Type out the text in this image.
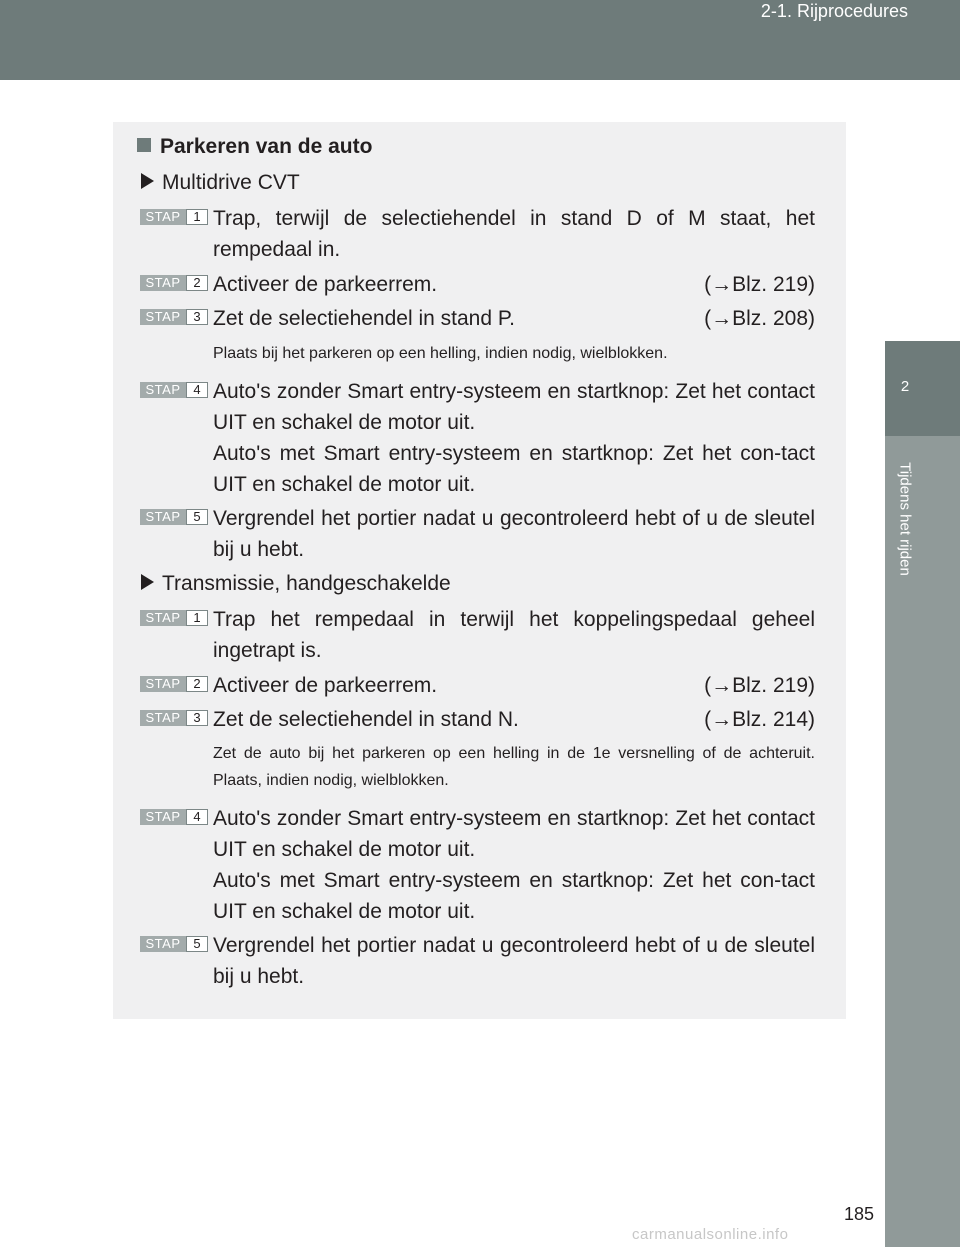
2-1. Rijprocedures
2
Tijdens het rijden
Parkeren van de auto
Multidrive CVT
STAP 1 Trap, terwijl de selectiehendel in stand D of M staat, het rempedaal in.
STAP 2 Activeer de parkeerrem.	(→Blz. 219)
STAP 3 Zet de selectiehendel in stand P.	(→Blz. 208)
Plaats bij het parkeren op een helling, indien nodig, wielblokken.
STAP 4 Auto's zonder Smart entry-systeem en startknop: Zet het contact UIT en schakel de motor uit.
Auto's met Smart entry-systeem en startknop: Zet het con-tact UIT en schakel de motor uit.
STAP 5 Vergrendel het portier nadat u gecontroleerd hebt of u de sleutel bij u hebt.
Transmissie, handgeschakelde
STAP 1 Trap het rempedaal in terwijl het koppelingspedaal geheel ingetrapt is.
STAP 2 Activeer de parkeerrem.	(→Blz. 219)
STAP 3 Zet de selectiehendel in stand N.	(→Blz. 214)
Zet de auto bij het parkeren op een helling in de 1e versnelling of de achteruit. Plaats, indien nodig, wielblokken.
STAP 4 Auto's zonder Smart entry-systeem en startknop: Zet het contact UIT en schakel de motor uit.
Auto's met Smart entry-systeem en startknop: Zet het con-tact UIT en schakel de motor uit.
STAP 5 Vergrendel het portier nadat u gecontroleerd hebt of u de sleutel bij u hebt.
185
carmanualsonline.info
